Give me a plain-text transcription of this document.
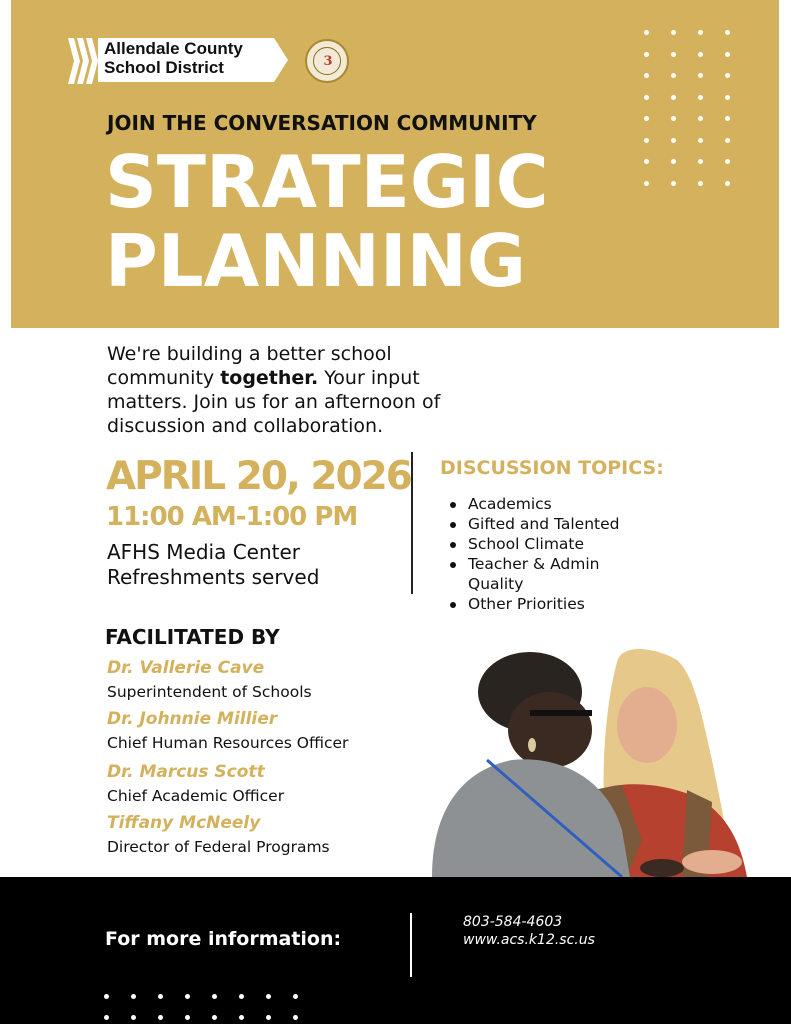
Allendale County
School District	3
JOIN THE CONVERSATION COMMUNITY
STRATEGIC
PLANNING

We're building a better school community together. Your input matters. Join us for an afternoon of discussion and collaboration.

APRIL 20, 2026
11:00 AM-1:00 PM
AFHS Media Center
Refreshments served
DISCUSSION TOPICS:
Academics
Gifted and Talented
School Climate
Teacher & Admin Quality
Other Priorities
FACILITATED BY
Dr. Vallerie Cave
Superintendent of Schools
Dr. Johnnie Millier
Chief Human Resources Officer
Dr. Marcus Scott
Chief Academic Officer
Tiffany McNeely
Director of Federal Programs
For more information:
803-584-4603
www.acs.k12.sc.us
